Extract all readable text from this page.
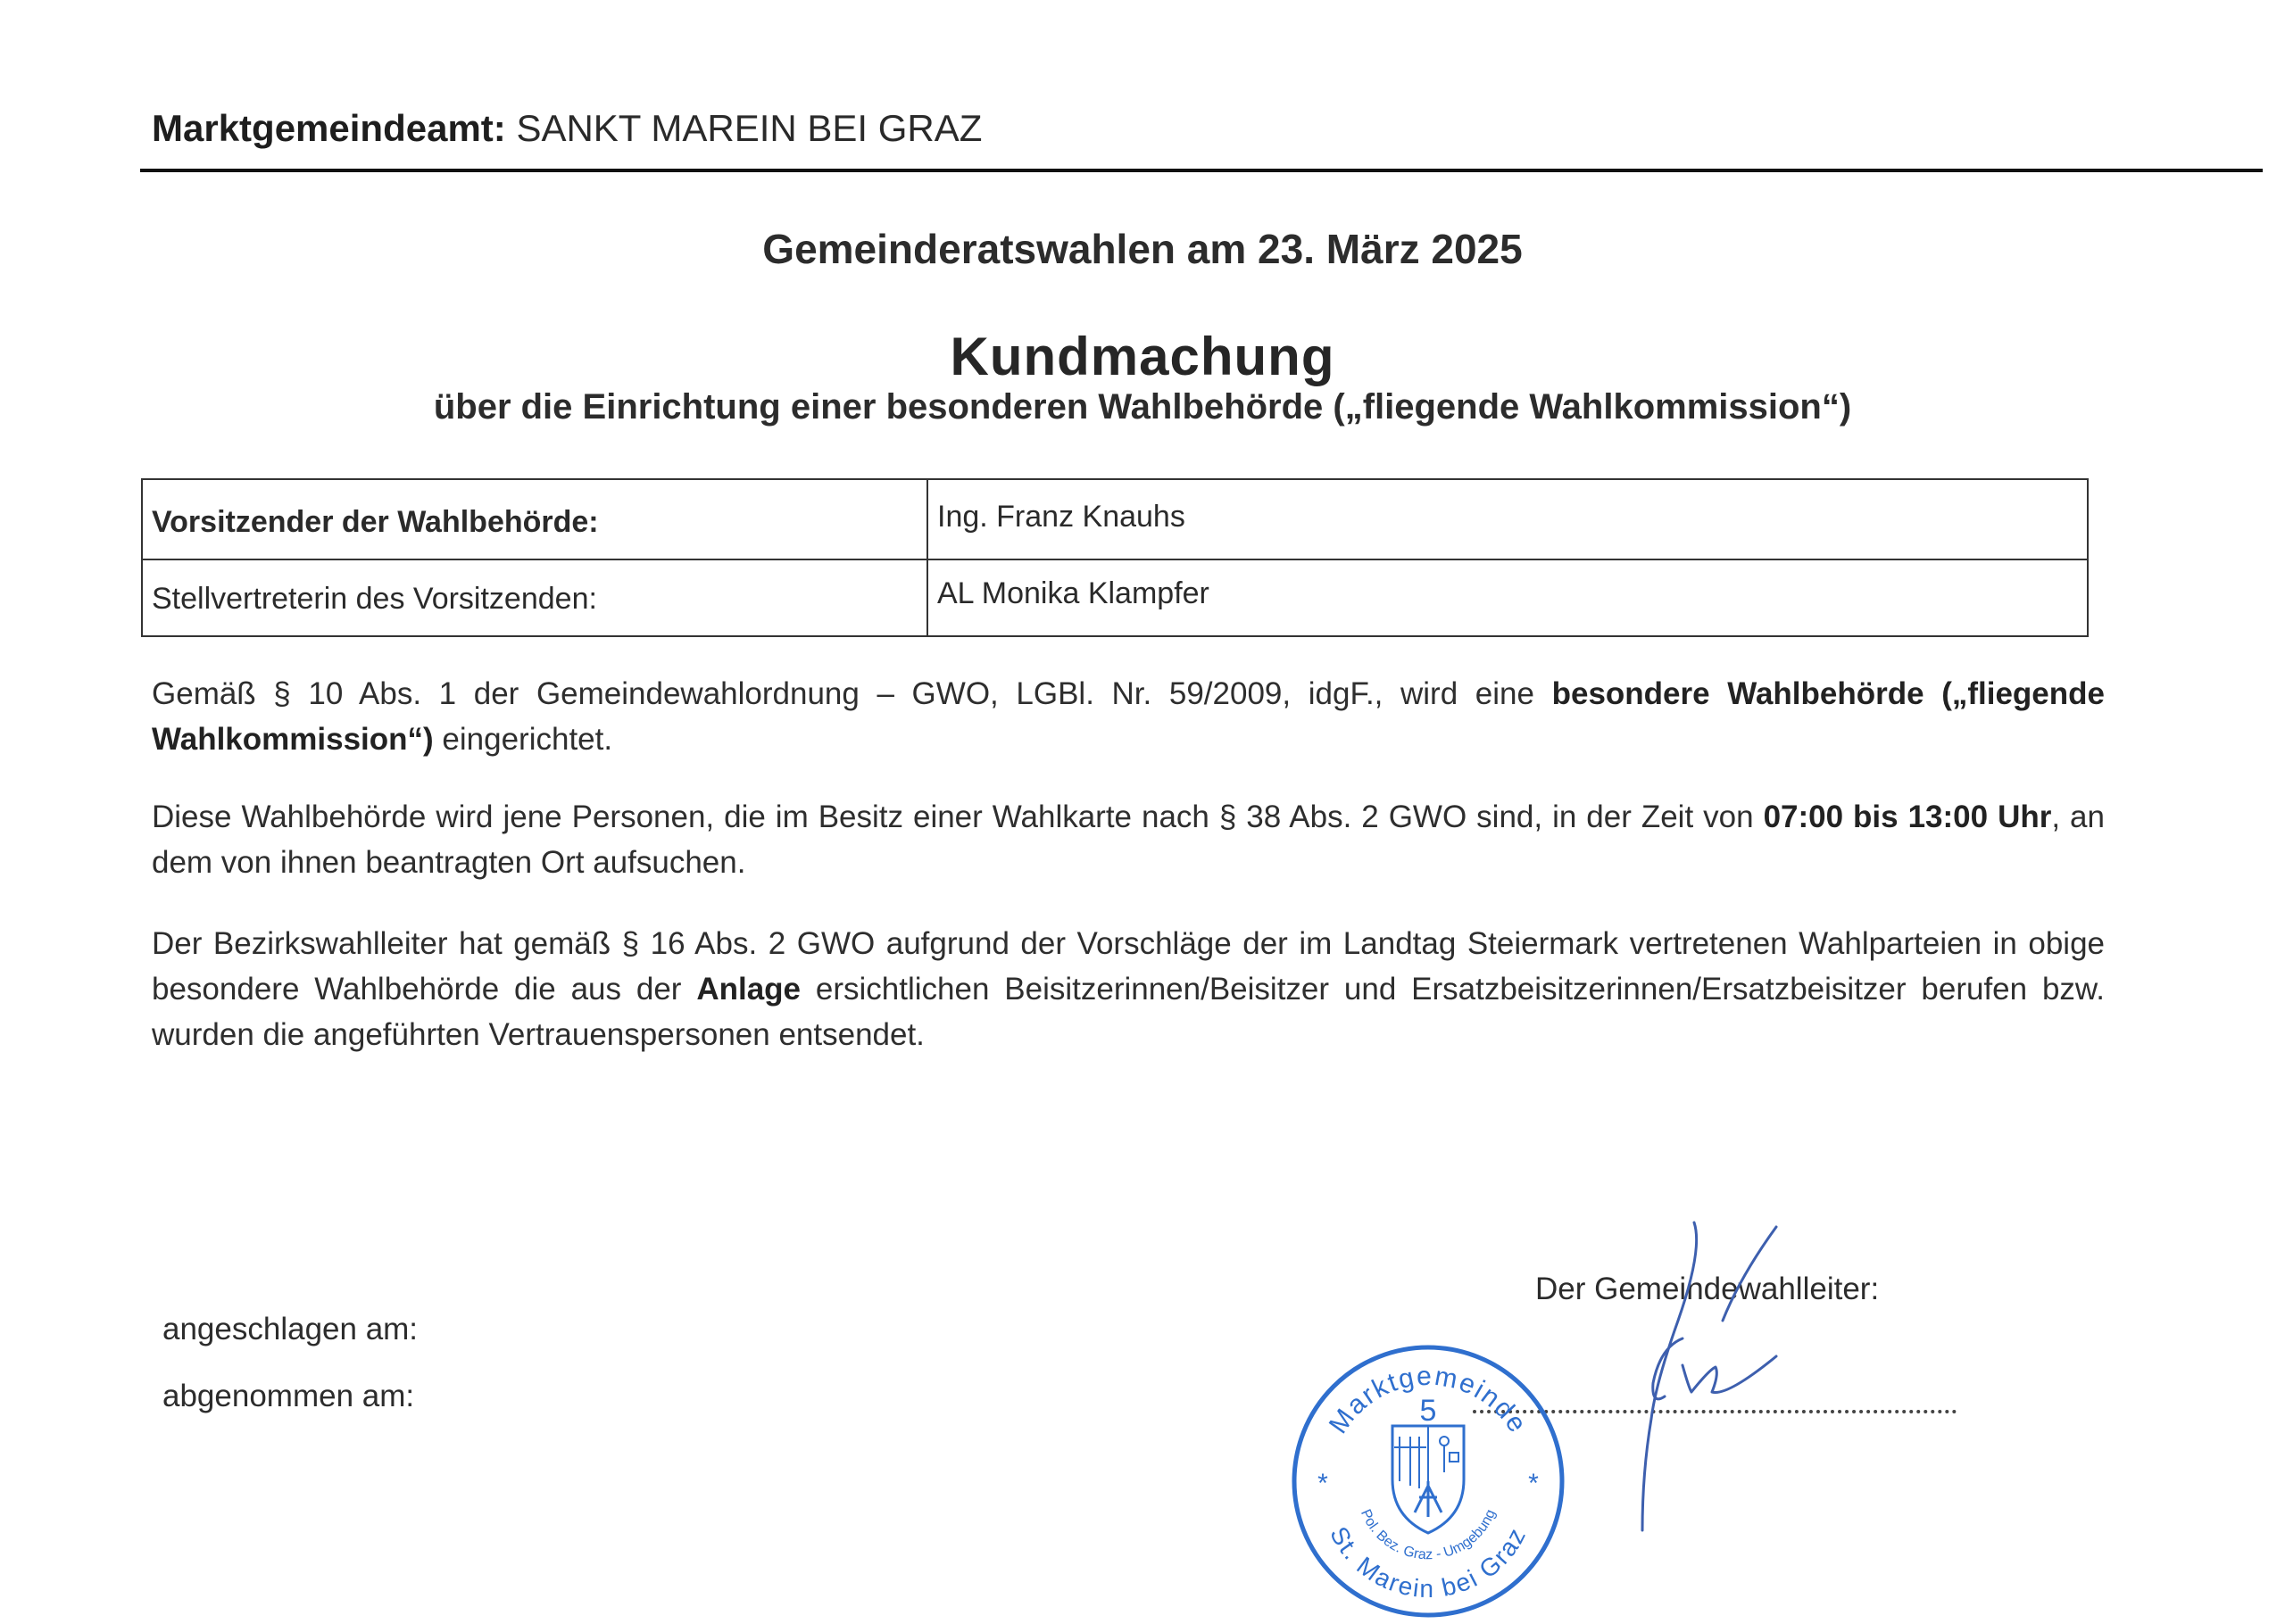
Marktgemeindeamt: SANKT MAREIN BEI GRAZ
Gemeinderatswahlen am 23. März 2025
Kundmachung
über die Einrichtung einer besonderen Wahlbehörde („fliegende Wahlkommission“)
Vorsitzender der Wahlbehörde:	Ing. Franz Knauhs
Stellvertreterin des Vorsitzenden:	AL Monika Klampfer
Gemäß § 10 Abs. 1 der Gemeindewahlordnung – GWO, LGBl. Nr. 59/2009, idgF., wird eine besondere Wahlbehörde („fliegende Wahlkommission“) eingerichtet.
Diese Wahlbehörde wird jene Personen, die im Besitz einer Wahlkarte nach § 38 Abs. 2 GWO sind, in der Zeit von 07:00 bis 13:00 Uhr, an dem von ihnen beantragten Ort aufsuchen.
Der Bezirkswahlleiter hat gemäß § 16 Abs. 2 GWO aufgrund der Vorschläge der im Landtag Steiermark vertretenen Wahlparteien in obige besondere Wahlbehörde die aus der Anlage ersichtlichen Beisitzerinnen/Beisitzer und Ersatzbeisitzerinnen/Ersatzbeisitzer berufen bzw. wurden die angeführten Vertrauenspersonen entsendet.
angeschlagen am:
abgenommen am:
Der Gemeindewahlleiter:
Marktgemeinde
5
Pol. Bez. Graz - Umgebung
St. Marein bei Graz
*	*
